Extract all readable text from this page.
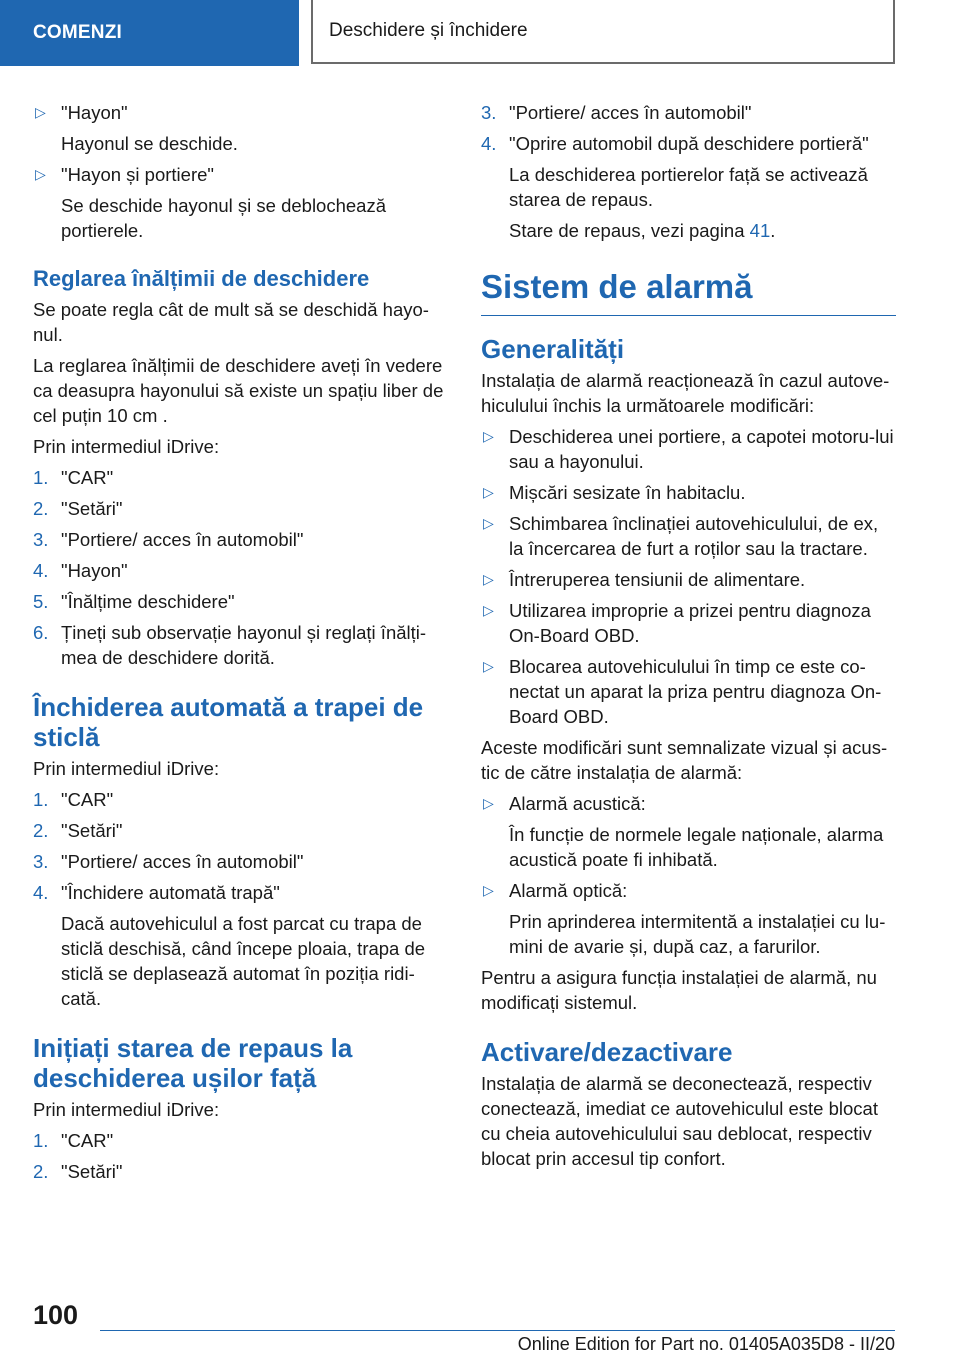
COMENZI	Deschidere și închidere
▷ "Hayon"
Hayonul se deschide.
▷ "Hayon și portiere"
Se deschide hayonul și se deblochează portierele.
Reglarea înălțimii de deschidere

Se poate regla cât de mult să se deschidă hayo-nul.

La reglarea înălțimii de deschidere aveți în vedere ca deasupra hayonului să existe un spațiu liber de cel puțin 10 cm .

Prin intermediul iDrive:

1. "CAR"
2. "Setări"
3. "Portiere/ acces în automobil"
4. "Hayon"
5. "Înălțime deschidere"
6. Țineți sub observație hayonul și reglați înălți-mea de deschidere dorită.
Închiderea automată a trapei de sticlă

Prin intermediul iDrive:

1. "CAR"
2. "Setări"
3. "Portiere/ acces în automobil"
4. "Închidere automată trapă"
Dacă autovehiculul a fost parcat cu trapa de sticlă deschisă, când începe ploaia, trapa de sticlă se deplasează automat în poziția ridi-cată.
Inițiați starea de repaus la deschiderea ușilor față

Prin intermediul iDrive:

1. "CAR"
2. "Setări"
3. "Portiere/ acces în automobil"
4. "Oprire automobil după deschidere portieră"
La deschiderea portierelor față se activează starea de repaus.
Stare de repaus, vezi pagina 41.
Sistem de alarmă
Generalități

Instalația de alarmă reacționează în cazul autove-hiculului închis la următoarele modificări:

▷ Deschiderea unei portiere, a capotei motoru-lui sau a hayonului.
▷ Mișcări sesizate în habitaclu.
▷ Schimbarea înclinației autovehiculului, de ex, la încercarea de furt a roților sau la tractare.
▷ Întreruperea tensiunii de alimentare.
▷ Utilizarea improprie a prizei pentru diagnoza On-Board OBD.
▷ Blocarea autovehiculului în timp ce este co-nectat un aparat la priza pentru diagnoza On-Board OBD.

Aceste modificări sunt semnalizate vizual și acus-tic de către instalația de alarmă:

▷ Alarmă acustică:
În funcție de normele legale naționale, alarma acustică poate fi inhibată.
▷ Alarmă optică:
Prin aprinderea intermitentă a instalației cu lu-mini de avarie și, după caz, a farurilor.

Pentru a asigura funcția instalației de alarmă, nu modificați sistemul.

Activare/dezactivare

Instalația de alarmă se deconectează, respectiv conectează, imediat ce autovehiculul este blocat cu cheia autovehiculului sau deblocat, respectiv blocat prin accesul tip confort.

100
Online Edition for Part no. 01405A035D8 - II/20
